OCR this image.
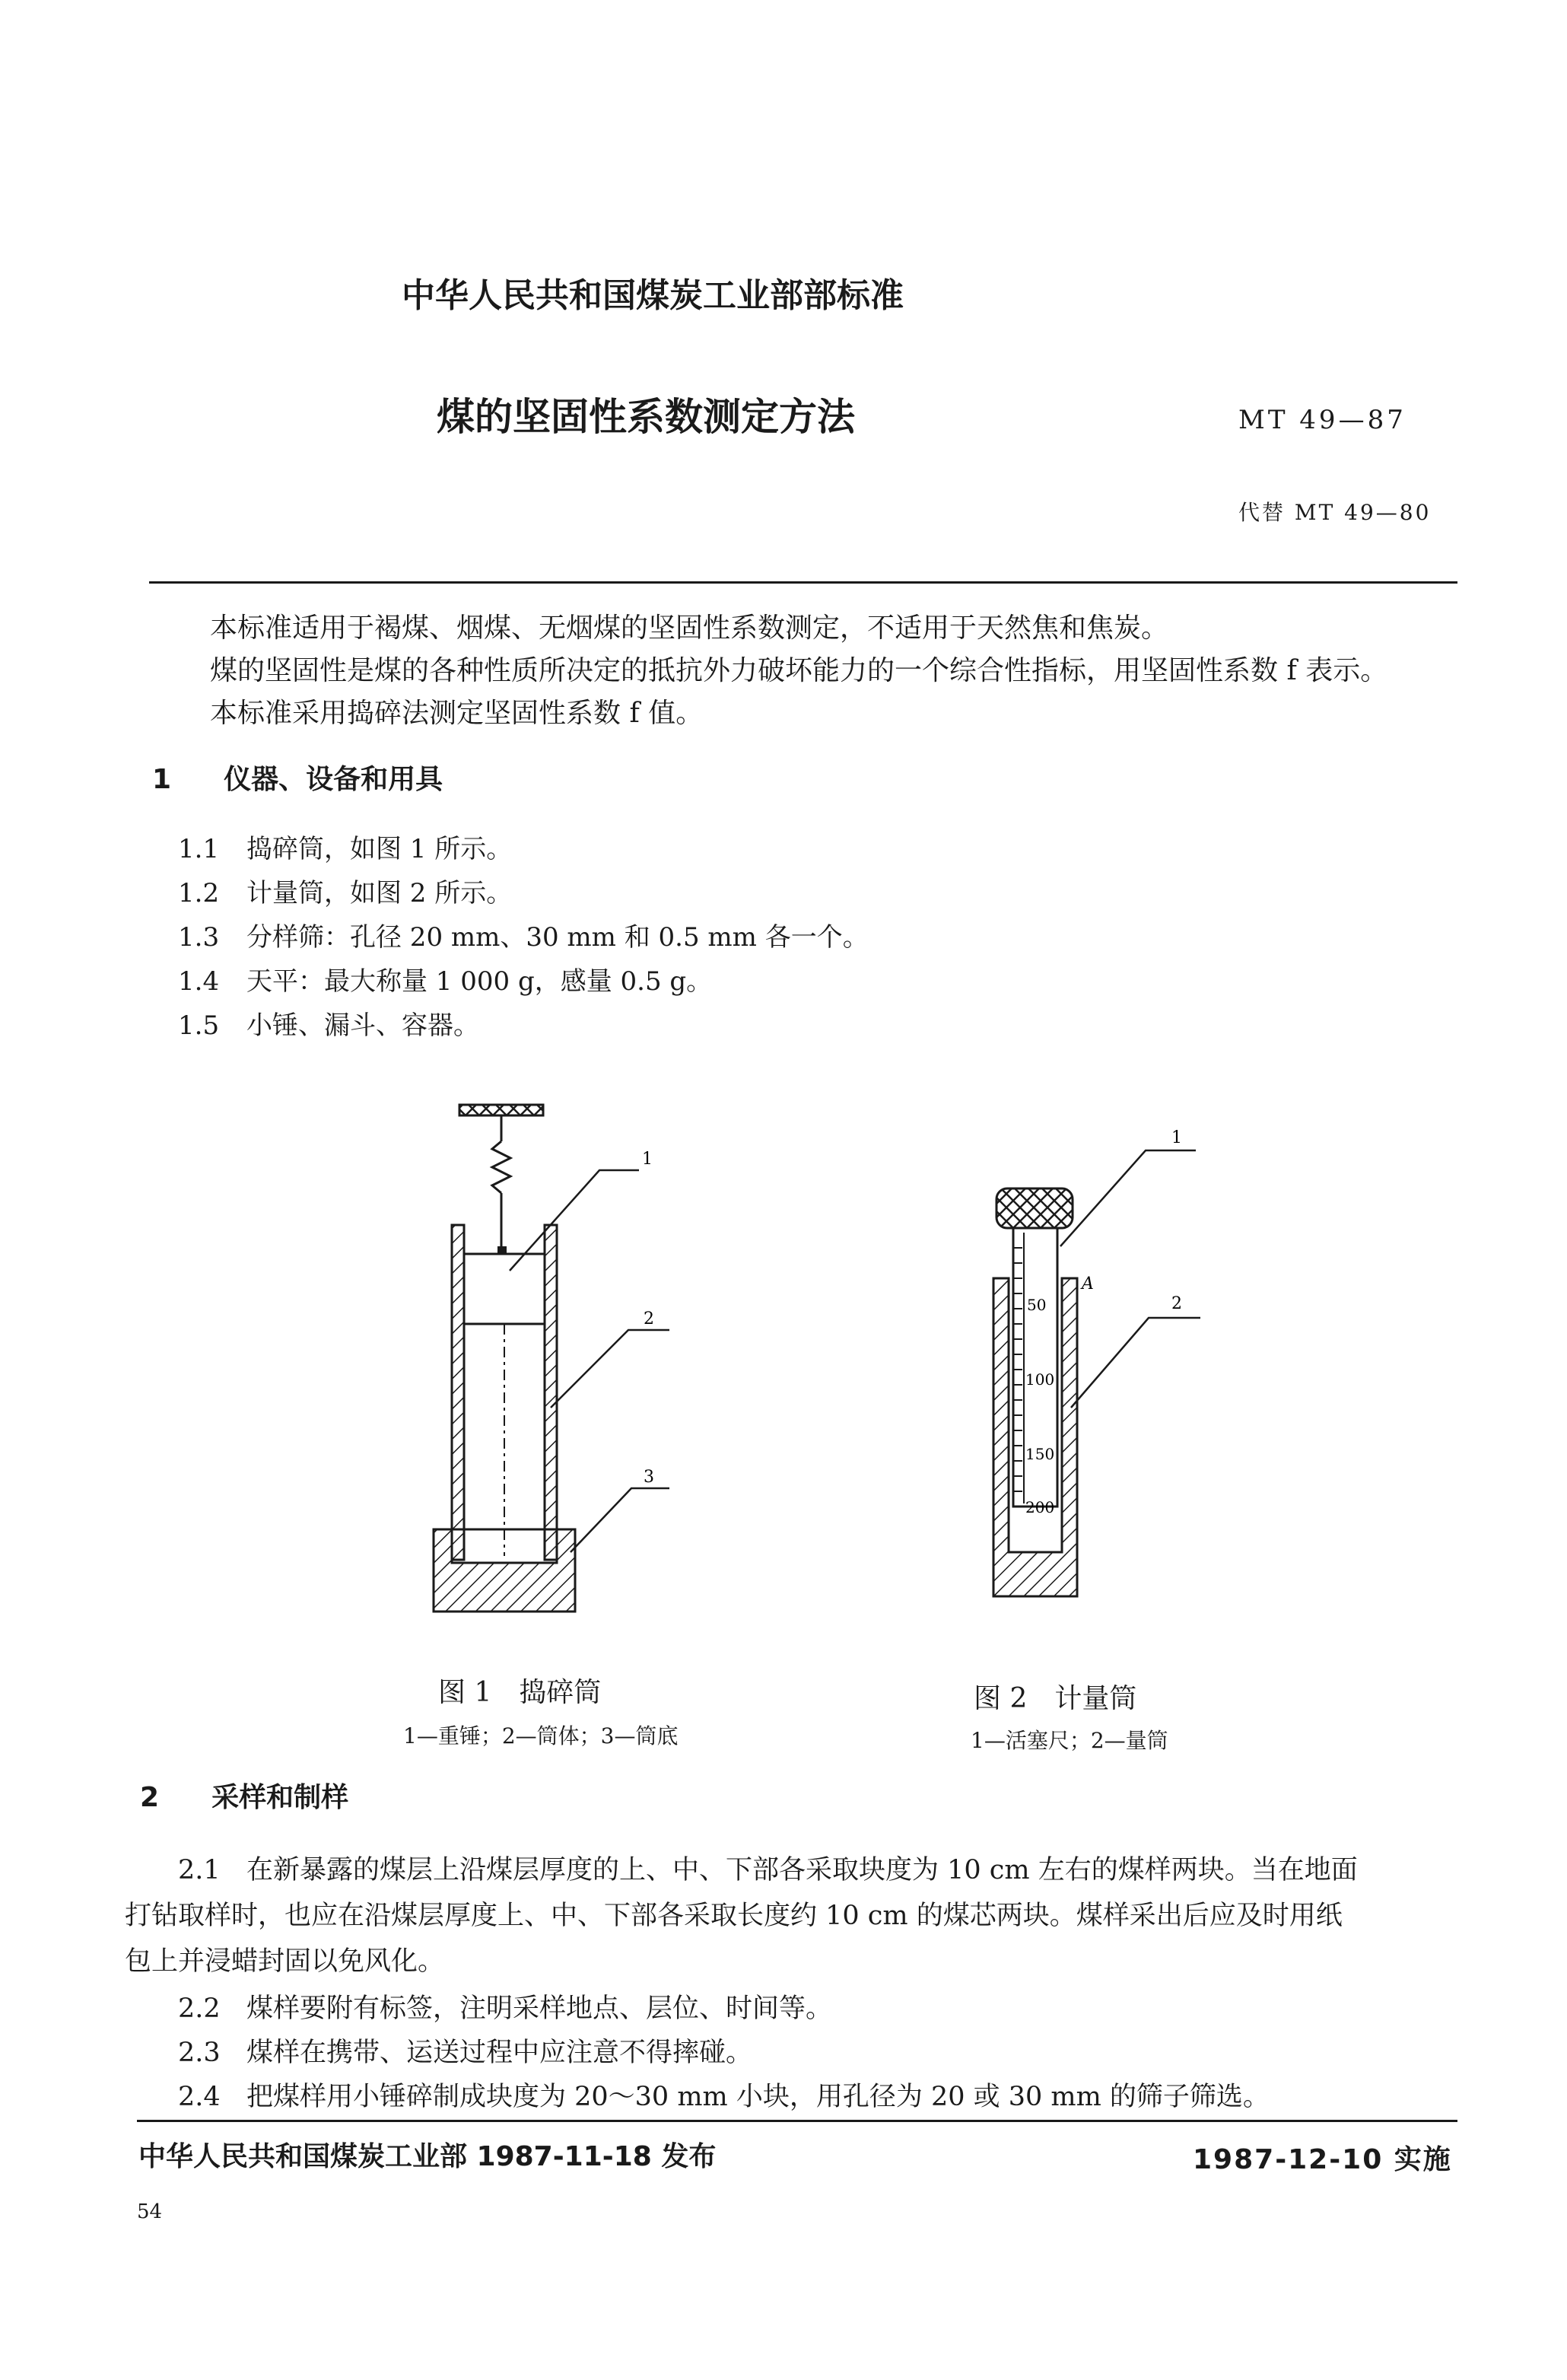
中华人民共和国煤炭工业部部标准
煤的坚固性系数测定方法	MT 49—87
代替 MT 49—80
本标准适用于褐煤、烟煤、无烟煤的坚固性系数测定，不适用于天然焦和焦炭。
煤的坚固性是煤的各种性质所决定的抵抗外力破坏能力的一个综合性指标，用坚固性系数 f 表示。
本标准采用捣碎法测定坚固性系数 f 值。
1 仪器、设备和用具
1.1 捣碎筒，如图 1 所示。
1.2 计量筒，如图 2 所示。
1.3 分样筛：孔径 20 mm、30 mm 和 0.5 mm 各一个。
1.4 天平：最大称量 1 000 g，感量 0.5 g。
1.5 小锤、漏斗、容器。
1
2
3
50
100
150
200
1
2
A
图 1　捣碎筒
1—重锤；2—筒体；3—筒底
图 2　计量筒
1—活塞尺；2—量筒
2 采样和制样
2.1 在新暴露的煤层上沿煤层厚度的上、中、下部各采取块度为 10 cm 左右的煤样两块。当在地面
打钻取样时，也应在沿煤层厚度上、中、下部各采取长度约 10 cm 的煤芯两块。煤样采出后应及时用纸
包上并浸蜡封固以免风化。
2.2 煤样要附有标签，注明采样地点、层位、时间等。
2.3 煤样在携带、运送过程中应注意不得摔碰。
2.4 把煤样用小锤碎制成块度为 20～30 mm 小块，用孔径为 20 或 30 mm 的筛子筛选。
中华人民共和国煤炭工业部 1987-11-18 发布	1987-12-10 实施
54
